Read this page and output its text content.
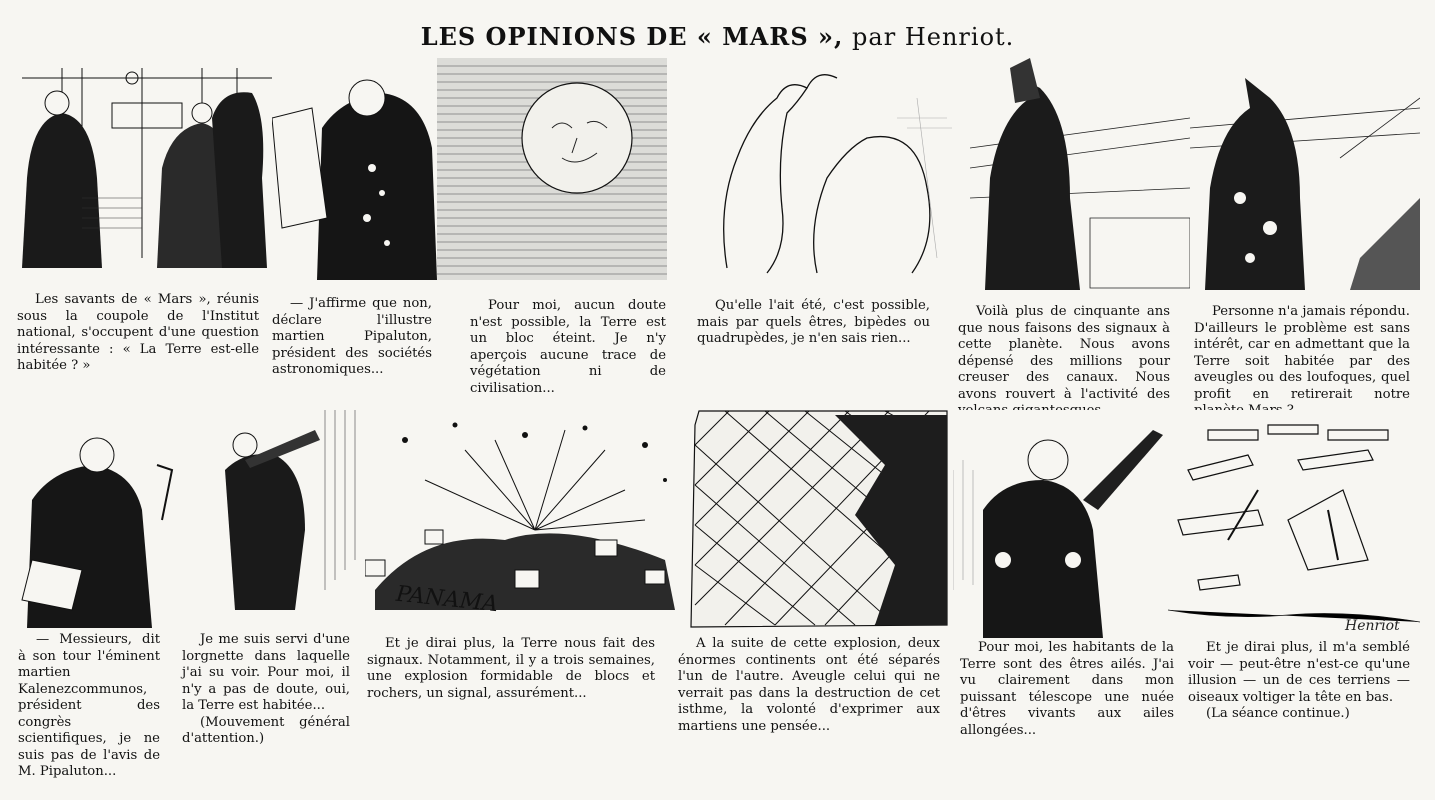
LES OPINIONS DE « MARS », par Henriot.

Les savants de « Mars », réunis sous la coupole de l'Institut national, s'occupent d'une question intéressante : « La Terre est-elle habitée ? »

— J'affirme que non, déclare l'illustre martien Pipaluton, président des sociétés astronomiques...

Pour moi, aucun doute n'est possible, la Terre est un bloc éteint. Je n'y aperçois aucune trace de végétation ni de civilisation...

Qu'elle l'ait été, c'est possible, mais par quels êtres, bipèdes ou quadrupèdes, je n'en sais rien...

Voilà plus de cinquante ans que nous faisons des signaux à cette planète. Nous avons dépensé des millions pour creuser des canaux. Nous avons rouvert à l'activité des

Personne n'a jamais répondu. D'ailleurs le problème est sans intérêt, car en admettant que la Terre soit habitée par des aveugles ou des loufoques, quel profit en retirerait notre

PANAMA
Henriot

— Messieurs, dit à son tour l'éminent martien Kalenezcommunos, président des congrès scientifiques, je ne suis pas de l'avis de M. Pipaluton...

Je me suis servi d'une lorgnette dans laquelle j'ai su voir. Pour moi, il n'y a pas de doute, oui, la Terre est habitée...
(Mouvement général d'attention.)

Et je dirai plus, la Terre nous fait des signaux. Notamment, il y a trois semaines, une explosion formidable de blocs et rochers, un signal, assurément...

A la suite de cette explosion, deux énormes continents ont été séparés l'un de l'autre. Aveugle celui qui ne verrait pas dans la destruction de cet isthme, la volonté d'exprimer aux martiens une pensée...

Pour moi, les habitants de la Terre sont des êtres ailés. J'ai vu clairement dans mon puissant télescope une nuée d'êtres vivants aux ailes allongées...

Et je dirai plus, il m'a semblé voir — peut-être n'est-ce qu'une illusion — un de ces terriens — oiseaux voltiger la tête en bas.
(La séance continue.)
